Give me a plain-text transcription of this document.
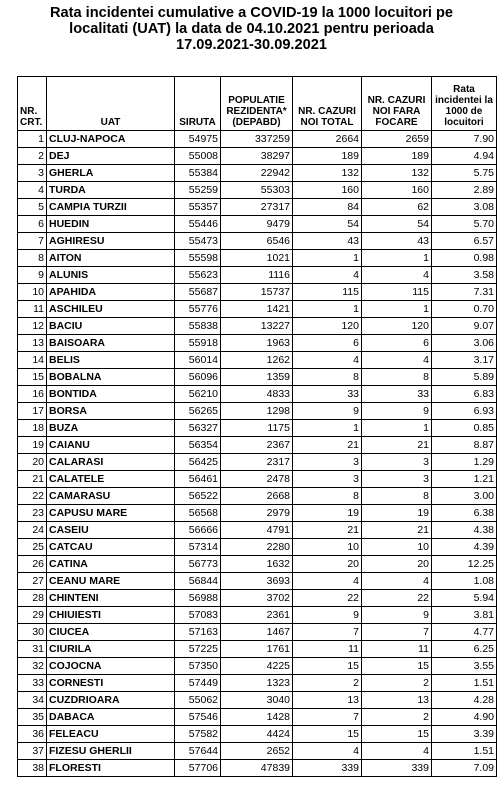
Rata incidentei cumulative a COVID-19 la 1000 locuitori pe
localitati (UAT) la data de 04.10.2021 pentru perioada
17.09.2021-30.09.2021
NR. CRT.	UAT	SIRUTA	POPULATIE REZIDENTA* (DEPABD)	NR. CAZURI NOI TOTAL	NR. CAZURI NOI FARA FOCARE	Rata incidentei la 1000 de locuitori
1	CLUJ-NAPOCA	54975	337259	2664	2659	7.90
2	DEJ	55008	38297	189	189	4.94
3	GHERLA	55384	22942	132	132	5.75
4	TURDA	55259	55303	160	160	2.89
5	CAMPIA TURZII	55357	27317	84	62	3.08
6	HUEDIN	55446	9479	54	54	5.70
7	AGHIRESU	55473	6546	43	43	6.57
8	AITON	55598	1021	1	1	0.98
9	ALUNIS	55623	1116	4	4	3.58
10	APAHIDA	55687	15737	115	115	7.31
11	ASCHILEU	55776	1421	1	1	0.70
12	BACIU	55838	13227	120	120	9.07
13	BAISOARA	55918	1963	6	6	3.06
14	BELIS	56014	1262	4	4	3.17
15	BOBALNA	56096	1359	8	8	5.89
16	BONTIDA	56210	4833	33	33	6.83
17	BORSA	56265	1298	9	9	6.93
18	BUZA	56327	1175	1	1	0.85
19	CAIANU	56354	2367	21	21	8.87
20	CALARASI	56425	2317	3	3	1.29
21	CALATELE	56461	2478	3	3	1.21
22	CAMARASU	56522	2668	8	8	3.00
23	CAPUSU MARE	56568	2979	19	19	6.38
24	CASEIU	56666	4791	21	21	4.38
25	CATCAU	57314	2280	10	10	4.39
26	CATINA	56773	1632	20	20	12.25
27	CEANU MARE	56844	3693	4	4	1.08
28	CHINTENI	56988	3702	22	22	5.94
29	CHIUIESTI	57083	2361	9	9	3.81
30	CIUCEA	57163	1467	7	7	4.77
31	CIURILA	57225	1761	11	11	6.25
32	COJOCNA	57350	4225	15	15	3.55
33	CORNESTI	57449	1323	2	2	1.51
34	CUZDRIOARA	55062	3040	13	13	4.28
35	DABACA	57546	1428	7	2	4.90
36	FELEACU	57582	4424	15	15	3.39
37	FIZESU GHERLII	57644	2652	4	4	1.51
38	FLORESTI	57706	47839	339	339	7.09
